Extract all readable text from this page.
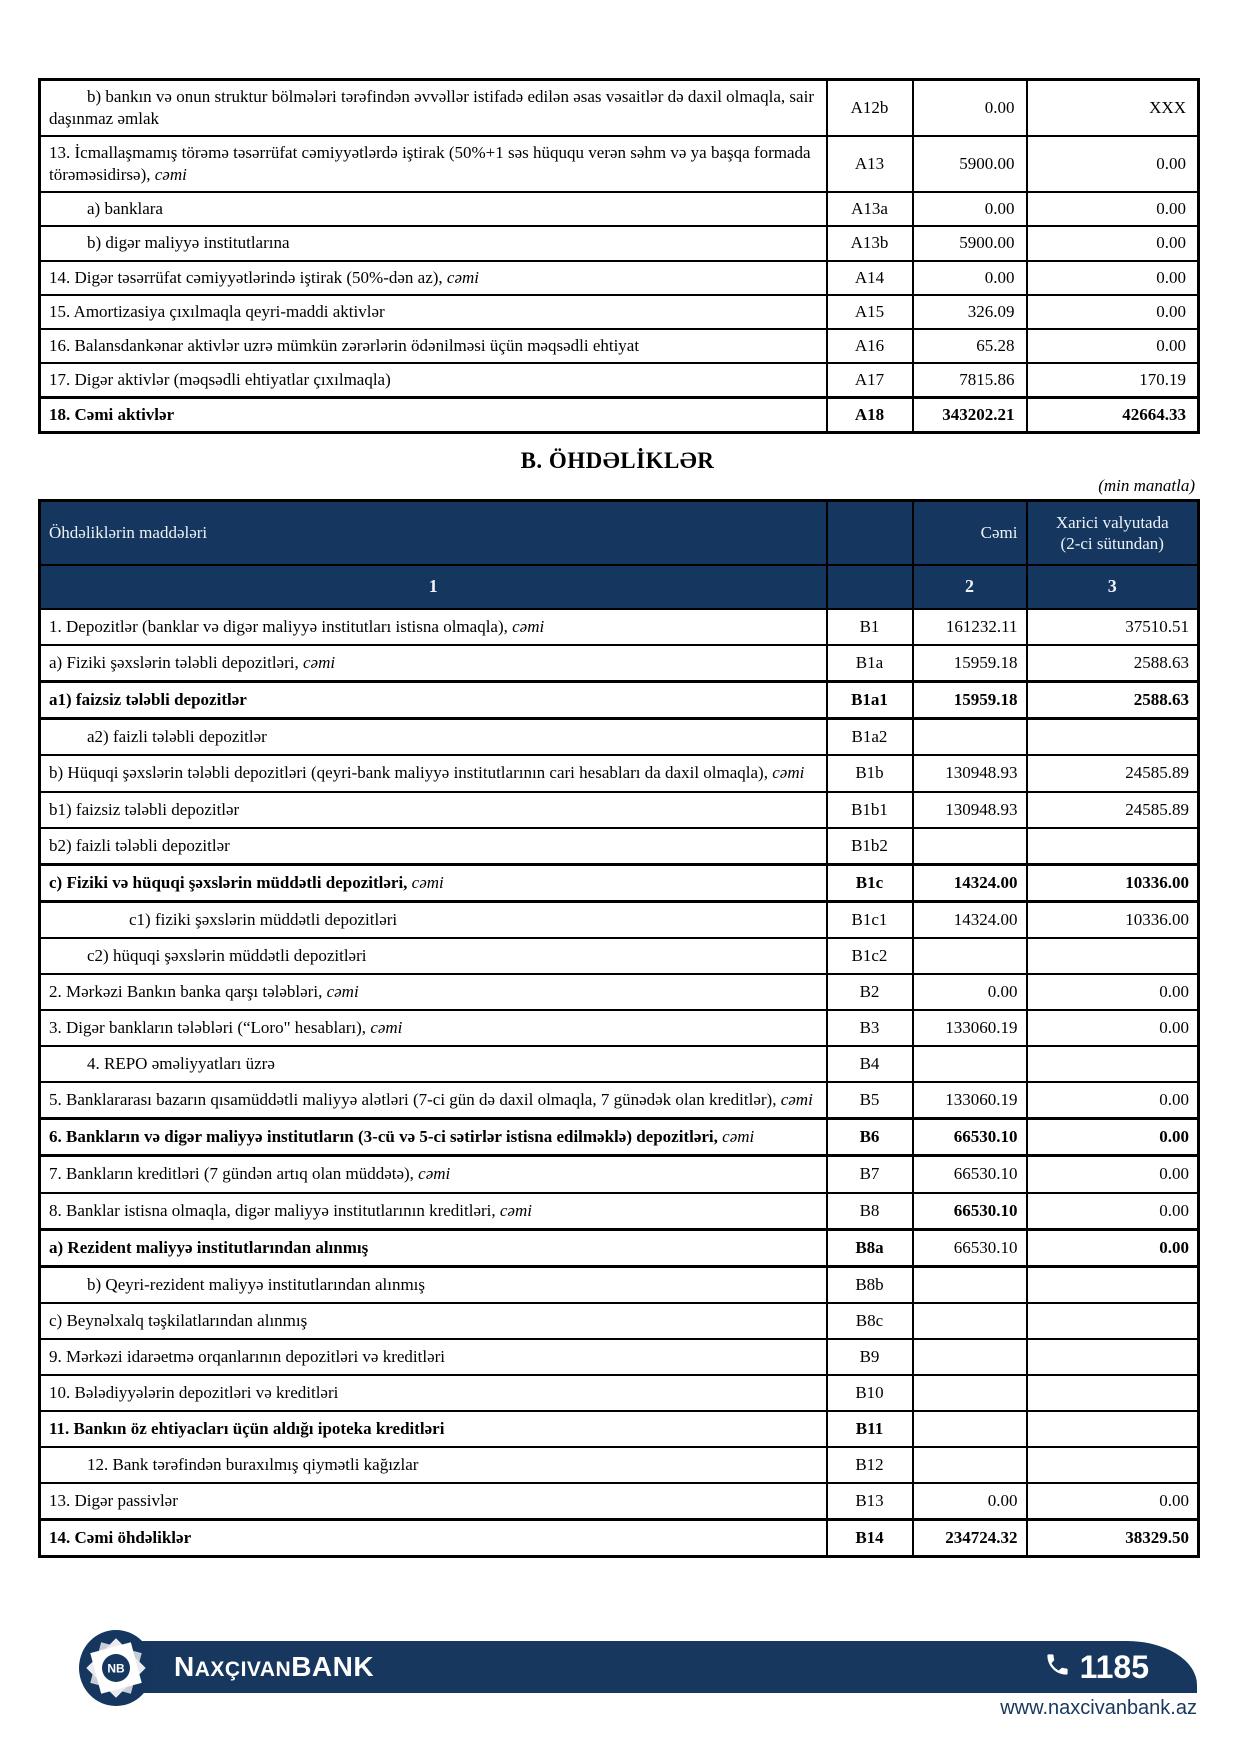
b) bankın və onun struktur bölmələri tərəfindən əvvəllər istifadə edilən əsas vəsaitlər də daxil olmaqla, sair daşınmaz əmlak	A12b	0.00	XXX
13. İcmallaşmamış törəmə təsərrüfat cəmiyyətlərdə iştirak (50%+1 səs hüququ verən səhm və ya başqa formada törəməsidirsə), cəmi	A13	5900.00	0.00
a) banklara	A13a	0.00	0.00
b) digər maliyyə institutlarına	A13b	5900.00	0.00
14. Digər təsərrüfat cəmiyyətlərində iştirak (50%-dən az), cəmi	A14	0.00	0.00
15. Amortizasiya çıxılmaqla qeyri-maddi aktivlər	A15	326.09	0.00
16. Balansdankənar aktivlər uzrə mümkün zərərlərin ödənilməsi üçün məqsədli ehtiyat	A16	65.28	0.00
17. Digər aktivlər (məqsədli ehtiyatlar çıxılmaqla)	A17	7815.86	170.19
18. Cəmi aktivlər	A18	343202.21	42664.33
B. ÖHDƏLİKLƏR
(min manatla)
Öhdəliklərin maddələri		Cəmi	Xarici valyutada
(2-ci sütundan)

1		2	3
1. Depozitlər (banklar və digər maliyyə institutları istisna olmaqla), cəmi	B1	161232.11	37510.51
a) Fiziki şəxslərin tələbli depozitləri, cəmi	B1a	15959.18	2588.63
a1) faizsiz tələbli depozitlər	B1a1	15959.18	2588.63
a2) faizli tələbli depozitlər	B1a2		
b) Hüquqi şəxslərin tələbli depozitləri (qeyri-bank maliyyə institutlarının cari hesabları da daxil olmaqla), cəmi	B1b	130948.93	24585.89
b1) faizsiz tələbli depozitlər	B1b1	130948.93	24585.89
b2) faizli tələbli depozitlər	B1b2		
c) Fiziki və hüquqi şəxslərin müddətli depozitləri, cəmi	B1c	14324.00	10336.00
c1) fiziki şəxslərin müddətli depozitləri	B1c1	14324.00	10336.00
c2) hüquqi şəxslərin müddətli depozitləri	B1c2		
2. Mərkəzi Bankın banka qarşı tələbləri, cəmi	B2	0.00	0.00
3. Digər bankların tələbləri (“Loro" hesabları), cəmi	B3	133060.19	0.00
4. REPO əməliyyatları üzrə	B4		
5. Banklararası bazarın qısamüddətli maliyyə alətləri (7-ci gün də daxil olmaqla, 7 günədək olan kreditlər), cəmi	B5	133060.19	0.00
6. Bankların və digər maliyyə institutların (3-cü və 5-ci sətirlər istisna edilməklə) depozitləri, cəmi	B6	66530.10	0.00
7. Bankların kreditləri (7 gündən artıq olan müddətə), cəmi	B7	66530.10	0.00
8. Banklar istisna olmaqla, digər maliyyə institutlarının kreditləri, cəmi	B8	66530.10	0.00
a) Rezident maliyyə institutlarından alınmış	B8a	66530.10	0.00
b) Qeyri-rezident maliyyə institutlarından alınmış	B8b		
c) Beynəlxalq təşkilatlarından alınmış	B8c		
9. Mərkəzi idarəetmə orqanlarının depozitləri və kreditləri	B9		
10. Bələdiyyələrin depozitləri və kreditləri	B10		
11. Bankın öz ehtiyacları üçün aldığı ipoteka kreditləri	B11		
12. Bank tərəfindən buraxılmış qiymətli kağızlar	B12		
13. Digər passivlər	B13	0.00	0.00
14. Cəmi öhdəliklər	B14	234724.32	38329.50
NAXÇIVANBANK	1185
NB
www.naxcivanbank.az
